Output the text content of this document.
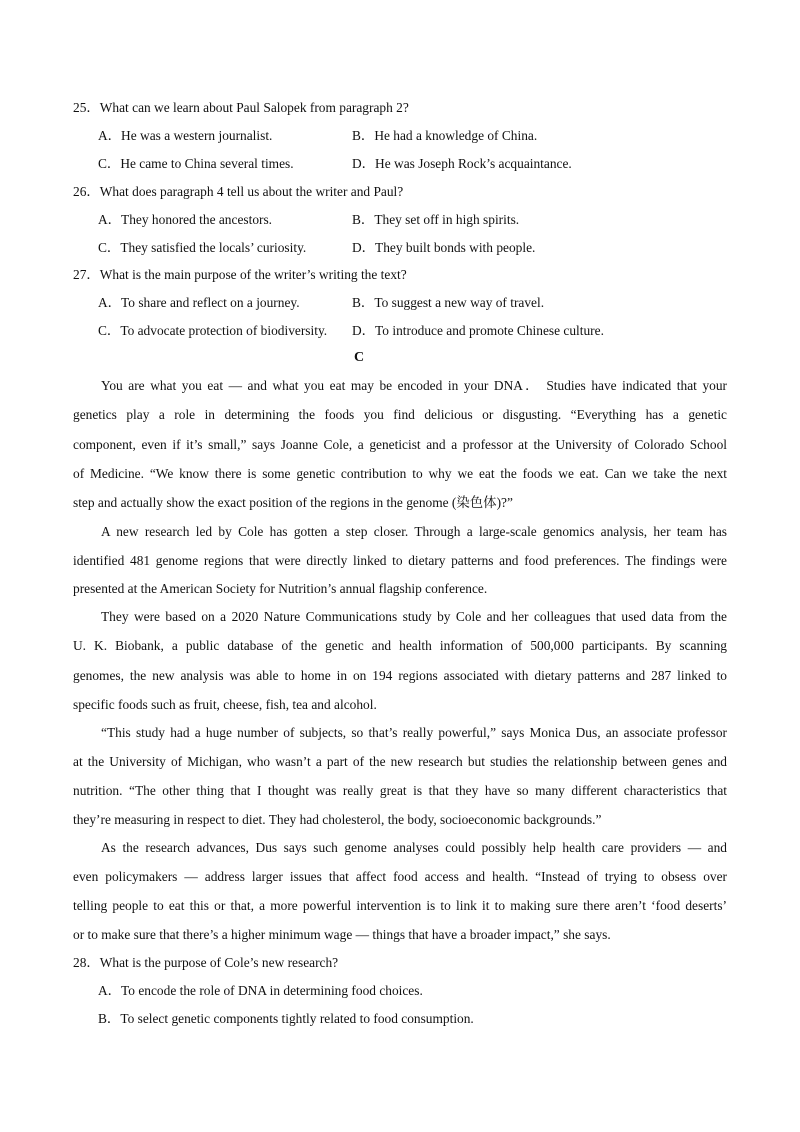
25．What can we learn about Paul Salopek from paragraph 2?
A．He was a western journalist.	B．He had a knowledge of China.
C．He came to China several times.	D．He was Joseph Rock’s acquaintance.
26．What does paragraph 4 tell us about the writer and Paul?
A．They honored the ancestors.	B．They set off in high spirits.
C．They satisfied the locals’ curiosity.	D．They built bonds with people.
27．What is the main purpose of the writer’s writing the text?
A．To share and reflect on a journey.	B．To suggest a new way of travel.
C．To advocate protection of biodiversity. D．To introduce and promote Chinese culture.
C
You are what you eat — and what you eat may be encoded in your DNA． Studies have indicated that your
genetics play a role in determining the foods you find delicious or disgusting. “Everything has a genetic
component, even if it’s small,” says Joanne Cole, a geneticist and a professor at the University of Colorado School
of Medicine. “We know there is some genetic contribution to why we eat the foods we eat. Can we take the next
step and actually show the exact position of the regions in the genome (染色体)?”
A new research led by Cole has gotten a step closer. Through a large-scale genomics analysis, her team has
identified 481 genome regions that were directly linked to dietary patterns and food preferences. The findings were
presented at the American Society for Nutrition’s annual flagship conference.
They were based on a 2020 Nature Communications study by Cole and her colleagues that used data from the
U. K. Biobank, a public database of the genetic and health information of 500,000 participants. By scanning
genomes, the new analysis was able to home in on 194 regions associated with dietary patterns and 287 linked to
specific foods such as fruit, cheese, fish, tea and alcohol.
“This study had a huge number of subjects, so that’s really powerful,” says Monica Dus, an associate professor
at the University of Michigan, who wasn’t a part of the new research but studies the relationship between genes and
nutrition. “The other thing that I thought was really great is that they have so many different characteristics that
they’re measuring in respect to diet. They had cholesterol, the body, socioeconomic backgrounds.”
As the research advances, Dus says such genome analyses could possibly help health care providers — and
even policymakers — address larger issues that affect food access and health. “Instead of trying to obsess over
telling people to eat this or that, a more powerful intervention is to link it to making sure there aren’t ‘food deserts’
or to make sure that there’s a higher minimum wage — things that have a broader impact,” she says.
28．What is the purpose of Cole’s new research?
A．To encode the role of DNA in determining food choices.
B．To select genetic components tightly related to food consumption.
